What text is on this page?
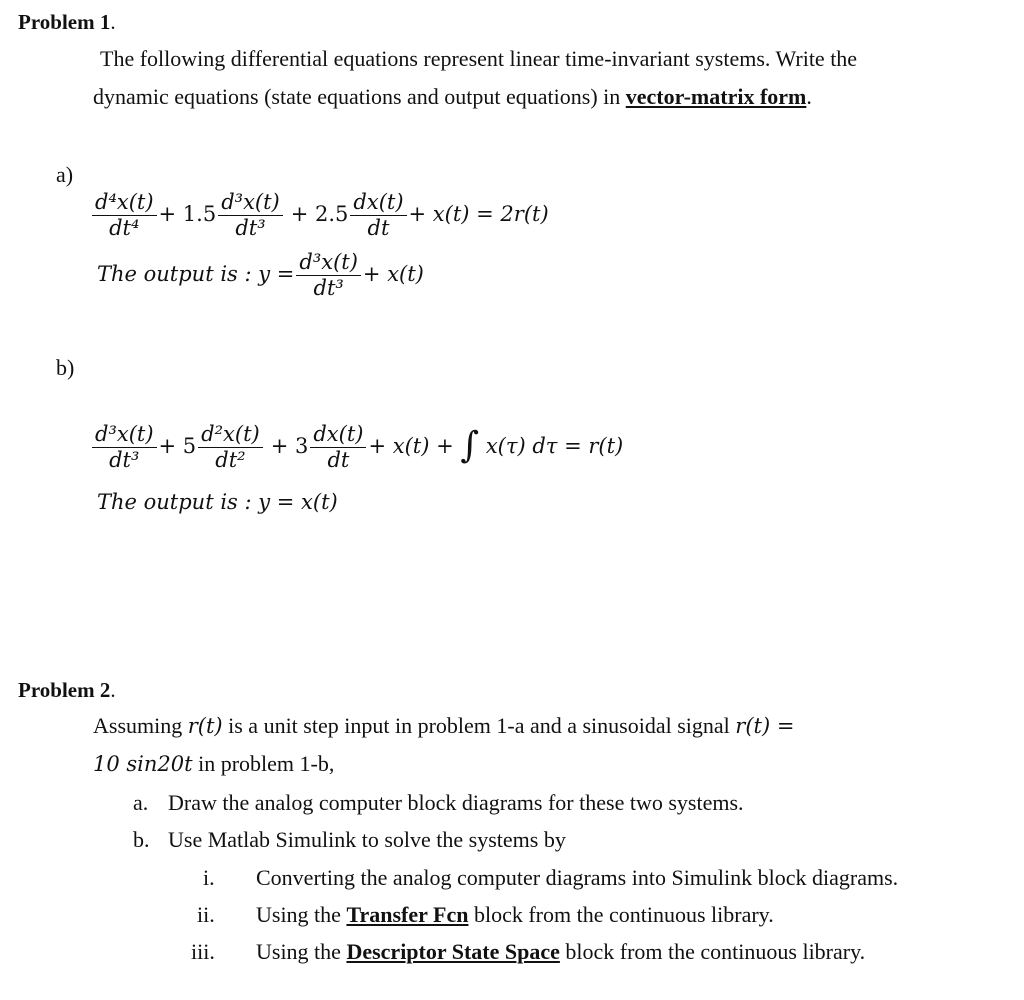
Problem 1.
The following differential equations represent linear time-invariant systems. Write the
dynamic equations (state equations and output equations) in vector-matrix form.
a)
$\frac{\text{d⁴x(t)}}{\text{dt⁴}} + 1.5 \frac{\text{d³x(t)}}{\text{dt³}} + 2.5 \frac{dx(t)}{dt} + x(t) = 2r(t)$
The output is : $y = \frac{\text{d³x(t)}}{\text{dt³}} + x(t)$
b)
$\frac{\text{d³x(t)}}{\text{dt³}} + 5 \frac{\text{d²x(t)}}{\text{dt²}} + 3 \frac{dx(t)}{dt} + x(t)$ + ∫ x(τ) dτ = r(t)
The output is : y = x(t)
Problem 2.
Assuming r(t) is a unit step input in problem 1-a and a sinusoidal signal r(t) =
10 sin20t in problem 1-b,
a. Draw the analog computer block diagrams for these two systems.
b. Use Matlab Simulink to solve the systems by
i. Converting the analog computer diagrams into Simulink block diagrams.
ii. Using the Transfer Fcn block from the continuous library.
iii. Using the Descriptor State Space block from the continuous library.
